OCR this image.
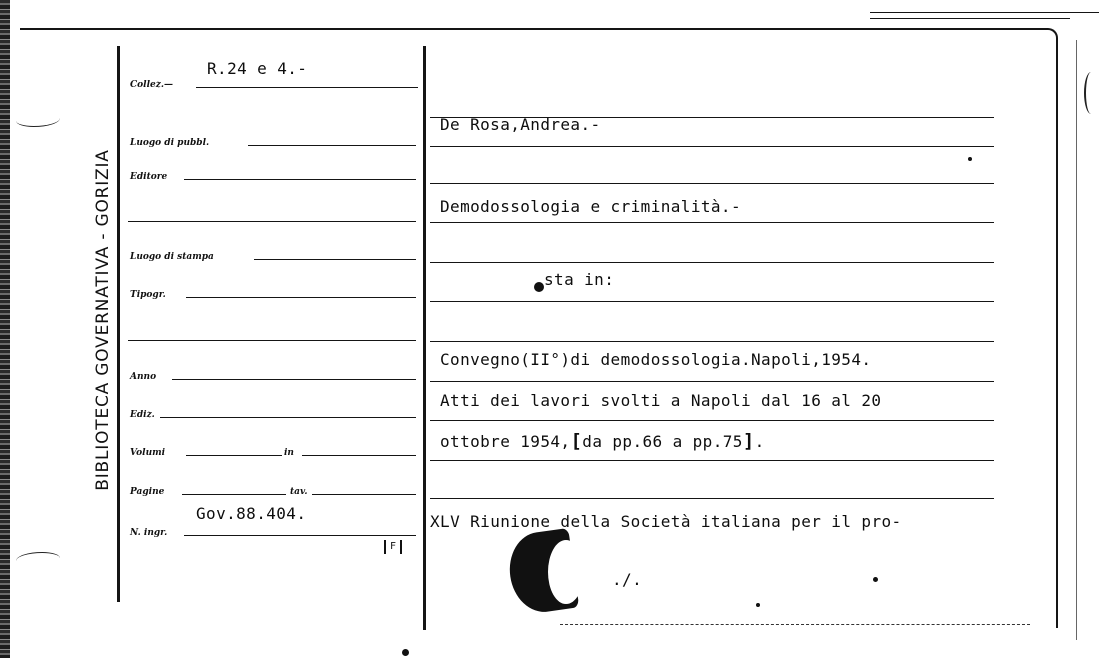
BIBLIOTECA GOVERNATIVA - GORIZIA
Collez.—
R.24 e 4.-
Luogo di pubbl.
Editore
Luogo di stampa
Tipogr.
Anno
Ediz.
Volumi	in
Pagine	tav.
N. ingr.
Gov.88.404.
F
De Rosa,Andrea.-
Demodossologia e criminalità.-
sta in:
Convegno(II°)di demodossologia.Napoli,1954.
Atti dei lavori svolti a Napoli dal 16 al 20
ottobre 1954,[da pp.66 a pp.75].
XLV Riunione della Società italiana per il pro-
./.
